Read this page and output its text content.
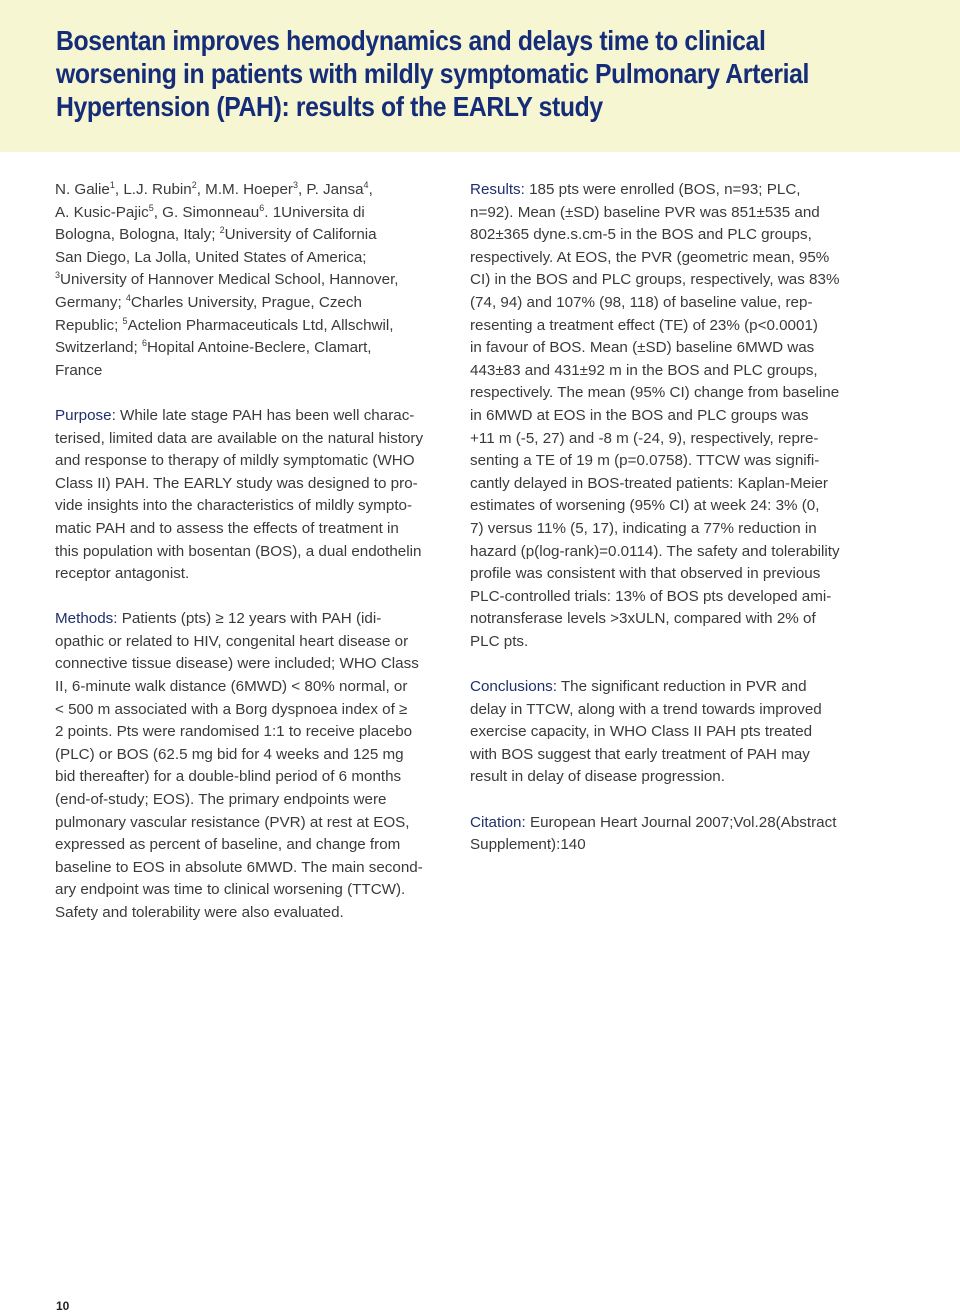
Bosentan improves hemodynamics and delays time to clinical
worsening in patients with mildly symptomatic Pulmonary Arterial
Hypertension (PAH): results of the EARLY study
N. Galie$^1$, L.J. Rubin$^2$, M.M. Hoeper$^3$, P. Jansa$^4$,
A. Kusic-Pajic$^5$, G. Simonneau$^6$. 1Universita di
Bologna, Bologna, Italy; $^2$University of California
San Diego, La Jolla, United States of America;
$^3$University of Hannover Medical School, Hannover,
Germany; $^4$Charles University, Prague, Czech
Republic; $^5$Actelion Pharmaceuticals Ltd, Allschwil,
Switzerland; $^6$Hopital Antoine-Beclere, Clamart,
France
Purpose: While late stage PAH has been well charac-
terised, limited data are available on the natural history
and response to therapy of mildly symptomatic (WHO
Class II) PAH. The EARLY study was designed to pro-
vide insights into the characteristics of mildly sympto-
matic PAH and to assess the effects of treatment in
this population with bosentan (BOS), a dual endothelin
receptor antagonist.
Methods: Patients (pts) ≥ 12 years with PAH (idi-
opathic or related to HIV, congenital heart disease or
connective tissue disease) were included; WHO Class
II, 6-minute walk distance (6MWD) < 80% normal, or
< 500 m associated with a Borg dyspnoea index of ≥
2 points. Pts were randomised 1:1 to receive placebo
(PLC) or BOS (62.5 mg bid for 4 weeks and 125 mg
bid thereafter) for a double-blind period of 6 months
(end-of-study; EOS). The primary endpoints were
pulmonary vascular resistance (PVR) at rest at EOS,
expressed as percent of baseline, and change from
baseline to EOS in absolute 6MWD. The main second-
ary endpoint was time to clinical worsening (TTCW).
Safety and tolerability were also evaluated.
Results: 185 pts were enrolled (BOS, n=93; PLC,
n=92). Mean (±SD) baseline PVR was 851±535 and
802±365 dyne.s.cm-5 in the BOS and PLC groups,
respectively. At EOS, the PVR (geometric mean, 95%
CI) in the BOS and PLC groups, respectively, was 83%
(74, 94) and 107% (98, 118) of baseline value, rep-
resenting a treatment effect (TE) of 23% (p<0.0001)
in favour of BOS. Mean (±SD) baseline 6MWD was
443±83 and 431±92 m in the BOS and PLC groups,
respectively. The mean (95% CI) change from baseline
in 6MWD at EOS in the BOS and PLC groups was
+11 m (-5, 27) and -8 m (-24, 9), respectively, repre-
senting a TE of 19 m (p=0.0758). TTCW was signifi-
cantly delayed in BOS-treated patients: Kaplan-Meier
estimates of worsening (95% CI) at week 24: 3% (0,
7) versus 11% (5, 17), indicating a 77% reduction in
hazard (p(log-rank)=0.0114). The safety and tolerability
profile was consistent with that observed in previous
PLC-controlled trials: 13% of BOS pts developed ami-
notransferase levels >3xULN, compared with 2% of
PLC pts.
Conclusions: The significant reduction in PVR and
delay in TTCW, along with a trend towards improved
exercise capacity, in WHO Class II PAH pts treated
with BOS suggest that early treatment of PAH may
result in delay of disease progression.
Citation: European Heart Journal 2007;Vol.28(Abstract
Supplement):140
10
